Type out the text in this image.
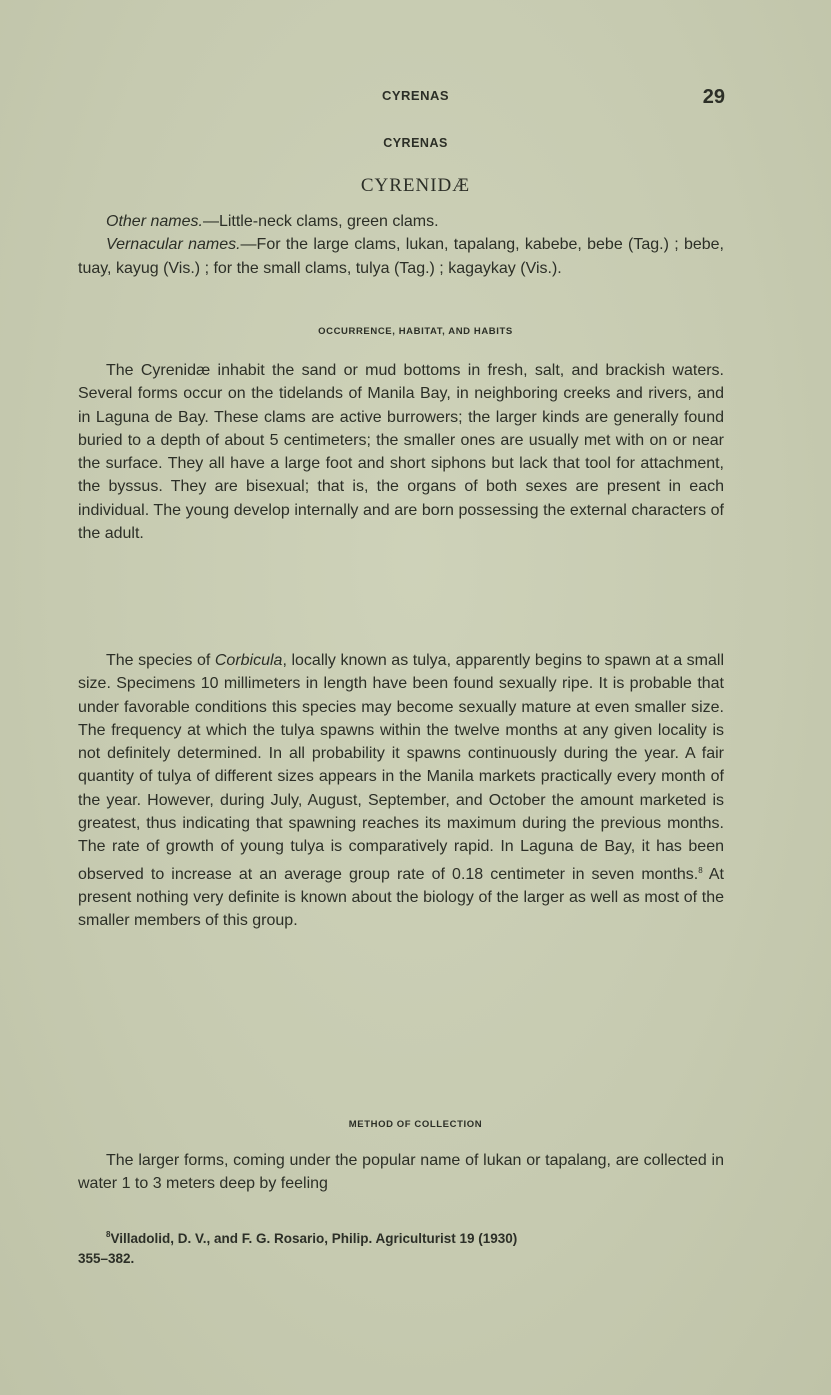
CYRENAS	29
CYRENAS
CYRENIDÆ

Other names.—Little-neck clams, green clams.

Vernacular names.—For the large clams, lukan, tapalang, kabebe, bebe (Tag.) ; bebe, tuay, kayug (Vis.) ; for the small clams, tulya (Tag.) ; kagaykay (Vis.).

OCCURRENCE, HABITAT, AND HABITS

The Cyrenidæ inhabit the sand or mud bottoms in fresh, salt, and brackish waters. Several forms occur on the tidelands of Manila Bay, in neighboring creeks and rivers, and in Laguna de Bay. These clams are active burrowers; the larger kinds are generally found buried to a depth of about 5 centimeters; the smaller ones are usually met with on or near the surface. They all have a large foot and short siphons but lack that tool for attachment, the byssus. They are bisexual; that is, the organs of both sexes are present in each individual. The young develop internally and are born possessing the external characters of the adult.

The species of Corbicula, locally known as tulya, apparently begins to spawn at a small size. Specimens 10 millimeters in length have been found sexually ripe. It is probable that under favorable conditions this species may become sexually mature at even smaller size. The frequency at which the tulya spawns within the twelve months at any given locality is not definitely determined. In all probability it spawns continuously during the year. A fair quantity of tulya of different sizes appears in the Manila markets practically every month of the year. However, during July, August, September, and October the amount marketed is greatest, thus indicating that spawning reaches its maximum during the previous months. The rate of growth of young tulya is comparatively rapid. In Laguna de Bay, it has been observed to increase at an average group rate of 0.18 centimeter in seven months.$^8$ At present nothing very definite is known about the biology of the larger as well as most of the smaller members of this group.

METHOD OF COLLECTION

The larger forms, coming under the popular name of lukan or tapalang, are collected in water 1 to 3 meters deep by feeling

$^8$Villadolid, D. V., and F. G. Rosario, Philip. Agriculturist 19 (1930)
355–382.
